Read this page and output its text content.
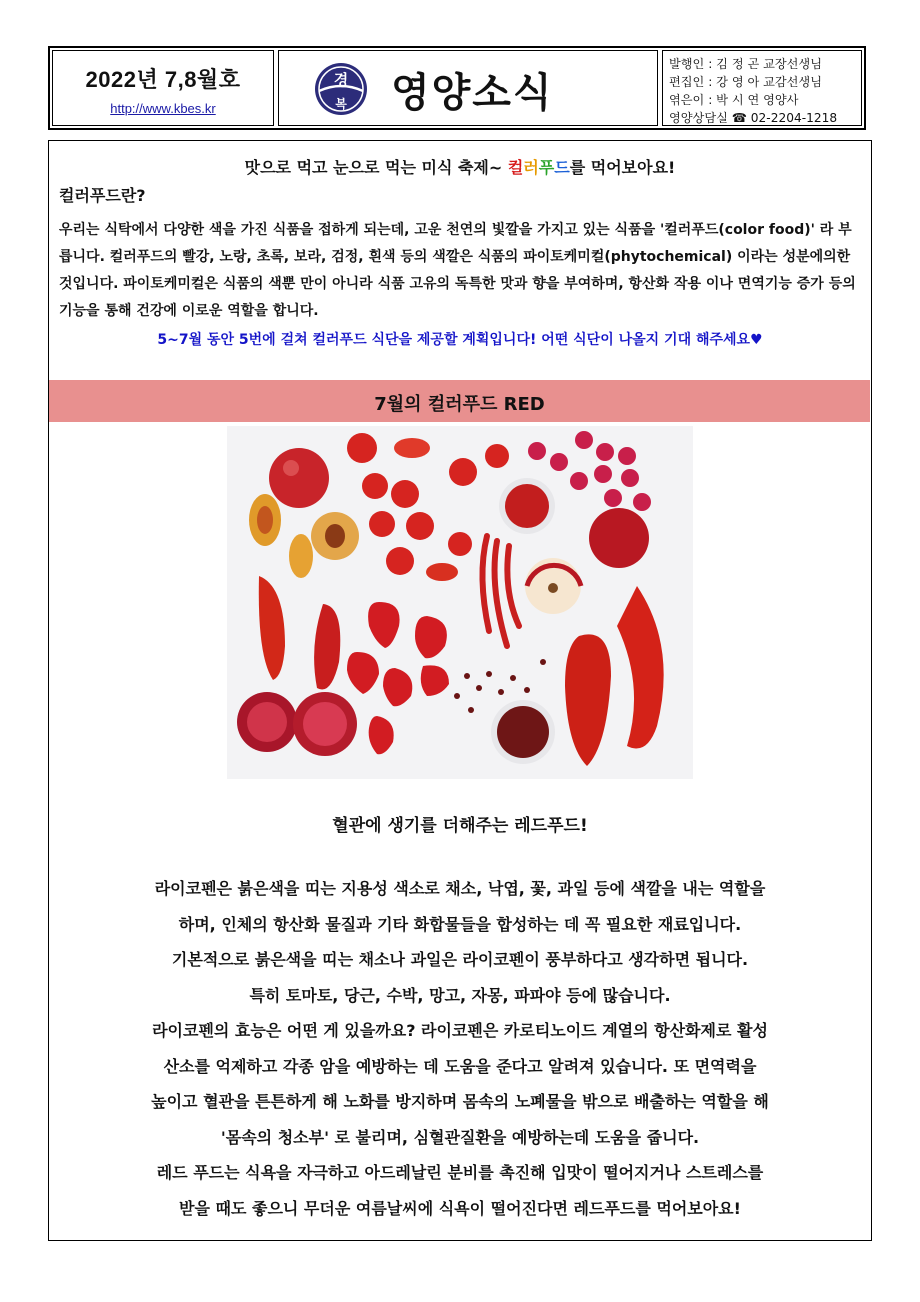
2022년 7,8월호
http://www.kbes.kr
경
복 영양소식
발행인 : 김 정 곤 교장선생님
편집인 : 강 영 아 교감선생님
엮은이 : 박 시 연 영양사
영양상담실 ☎ 02-2204-1218
맛으로 먹고 눈으로 먹는 미식 축제~ 컬러푸드를 먹어보아요!
컬러푸드란?
우리는 식탁에서 다양한 색을 가진 식품을 접하게 되는데, 고운 천연의 빛깔을 가지고 있는 식품을 '컬러푸드(color food)' 라 부릅니다. 컬러푸드의 빨강, 노랑, 초록, 보라, 검정, 흰색 등의 색깔은 식품의 파이토케미컬(phytochemical) 이라는 성분에의한 것입니다. 파이토케미컬은 식품의 색뿐 만이 아니라 식품 고유의 독특한 맛과 향을 부여하며, 항산화 작용 이나 면역기능 증가 등의 기능을 통해 건강에 이로운 역할을 합니다.
5~7월 동안 5번에 걸쳐 컬러푸드 식단을 제공할 계획입니다! 어떤 식단이 나올지 기대 해주세요♥
7월의 컬러푸드 RED
혈관에 생기를 더해주는 레드푸드!

라이코펜은 붉은색을 띠는 지용성 색소로 채소, 낙엽, 꽃, 과일 등에 색깔을 내는 역할을

하며, 인체의 항산화 물질과 기타 화합물들을 합성하는 데 꼭 필요한 재료입니다.

기본적으로 붉은색을 띠는 채소나 과일은 라이코펜이 풍부하다고 생각하면 됩니다.

특히 토마토, 당근, 수박, 망고, 자몽, 파파야 등에 많습니다.

라이코펜의 효능은 어떤 게 있을까요? 라이코펜은 카로티노이드 계열의 항산화제로 활성

산소를 억제하고 각종 암을 예방하는 데 도움을 준다고 알려져 있습니다. 또 면역력을

높이고 혈관을 튼튼하게 해 노화를 방지하며 몸속의 노폐물을 밖으로 배출하는 역할을 해

'몸속의 청소부' 로 불리며, 심혈관질환을 예방하는데 도움을 줍니다.

레드 푸드는 식욕을 자극하고 아드레날린 분비를 촉진해 입맛이 떨어지거나 스트레스를

받을 때도 좋으니 무더운 여름날씨에 식욕이 떨어진다면 레드푸드를 먹어보아요!
